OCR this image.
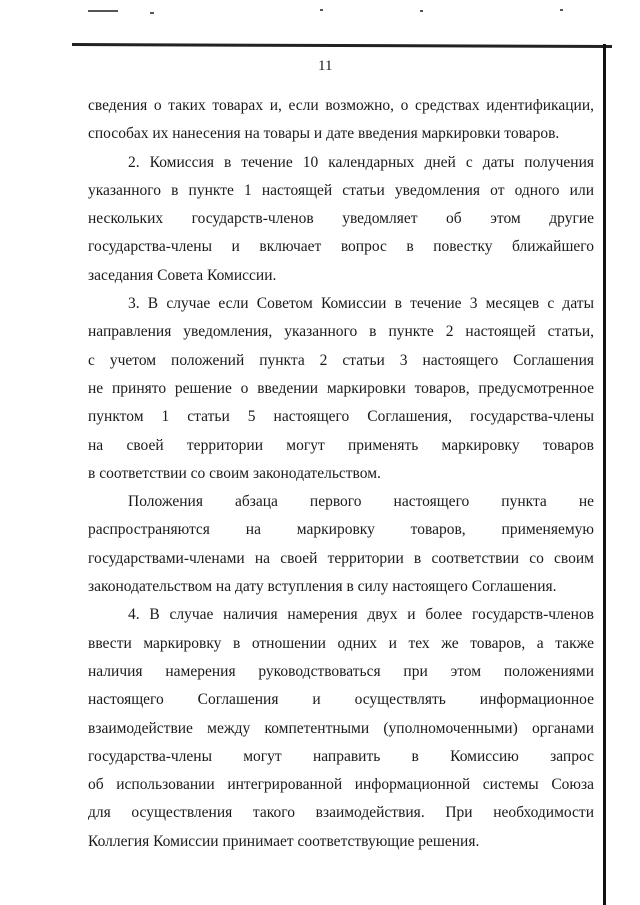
11
сведения о таких товарах и, если возможно, о средствах идентификации,
способах их нанесения на товары и дате введения маркировки товаров.
2. Комиссия в течение 10 календарных дней с даты получения
указанного в пункте 1 настоящей статьи уведомления от одного или
нескольких государств-членов уведомляет об этом другие
государства-члены и включает вопрос в повестку ближайшего
заседания Совета Комиссии.
3. В случае если Советом Комиссии в течение 3 месяцев с даты
направления уведомления, указанного в пункте 2 настоящей статьи,
с учетом положений пункта 2 статьи 3 настоящего Соглашения
не принято решение о введении маркировки товаров, предусмотренное
пунктом 1 статьи 5 настоящего Соглашения, государства-члены
на своей территории могут применять маркировку товаров
в соответствии со своим законодательством.
Положения абзаца первого настоящего пункта не
распространяются на маркировку товаров, применяемую
государствами-членами на своей территории в соответствии со своим
законодательством на дату вступления в силу настоящего Соглашения.
4. В случае наличия намерения двух и более государств-членов
ввести маркировку в отношении одних и тех же товаров, а также
наличия намерения руководствоваться при этом положениями
настоящего Соглашения и осуществлять информационное
взаимодействие между компетентными (уполномоченными) органами
государства-члены могут направить в Комиссию запрос
об использовании интегрированной информационной системы Союза
для осуществления такого взаимодействия. При необходимости
Коллегия Комиссии принимает соответствующие решения.
